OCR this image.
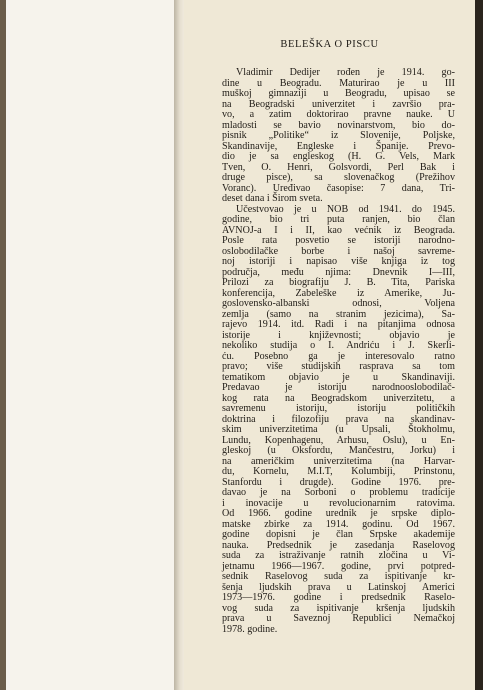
BELEŠKA O PISCU
Vladimir Dedijer rođen je 1914. go-
dine u Beogradu. Maturirao je u III
muškoj gimnaziji u Beogradu, upisao se
na Beogradski univerzitet i završio pra-
vo, a zatim doktorirao pravne nauke. U
mladosti se bavio novinarstvom, bio do-
pisnik „Politike“ iz Slovenije, Poljske,
Skandinavije, Engleske i Španije. Prevo-
dio je sa engleskog (H. G. Vels, Mark
Tven, O. Henri, Golsvordi, Perl Bak i
druge pisce), sa slovenačkog (Prežihov
Voranc). Uređivao časopise: 7 dana, Tri-
deset dana i Širom sveta.
Učestvovao je u NOB od 1941. do 1945.
godine, bio tri puta ranjen, bio član
AVNOJ-a I i II, kao većnik iz Beograda.
Posle rata posvetio se istoriji narodno-
oslobodilačke borbe i našoj savreme-
noj istoriji i napisao više knjiga iz tog
područja, među njima: Dnevnik I—III,
Prilozi za biografiju J. B. Tita, Pariska
konferencija, Zabeleške iz Amerike, Ju-
goslovensko-albanski odnosi, Voljena
zemlja (samo na stranim jezicima), Sa-
rajevo 1914. itd. Radi i na pitanjima odnosa
istorije i književnosti; objavio je
nekoliko studija o I. Andriću i J. Skerli-
ću. Posebno ga je interesovalo ratno
pravo; više studijskih rasprava sa tom
tematikom objavio je u Skandinaviji.
Predavao je istoriju narodnooslobodilač-
kog rata na Beogradskom univerzitetu, a
savremenu istoriju, istoriju političkih
doktrina i filozofiju prava na skandinav-
skim univerzitetima (u Upsali, Štokholmu,
Lundu, Kopenhagenu, Arhusu, Oslu), u En-
gleskoj (u Oksfordu, Mančestru, Jorku) i
na američkim univerzitetima (na Harvar-
du, Kornelu, M.I.T, Kolumbiji, Prinstonu,
Stanfordu i drugde). Godine 1976. pre-
davao je na Sorboni o problemu tradicije
i inovacije u revolucionarnim ratovima.
Od 1966. godine urednik je srpske diplo-
matske zbirke za 1914. godinu. Od 1967.
godine dopisni je član Srpske akademije
nauka. Predsednik je zasedanja Raselovog
suda za istraživanje ratnih zločina u Vi-
jetnamu 1966—1967. godine, prvi potpred-
sednik Raselovog suda za ispitivanje kr-
šenja ljudskih prava u Latinskoj Americi
1973—1976. godine i predsednik Raselo-
vog suda za ispitivanje kršenja ljudskih
prava u Saveznoj Republici Nemačkoj
1978. godine.
